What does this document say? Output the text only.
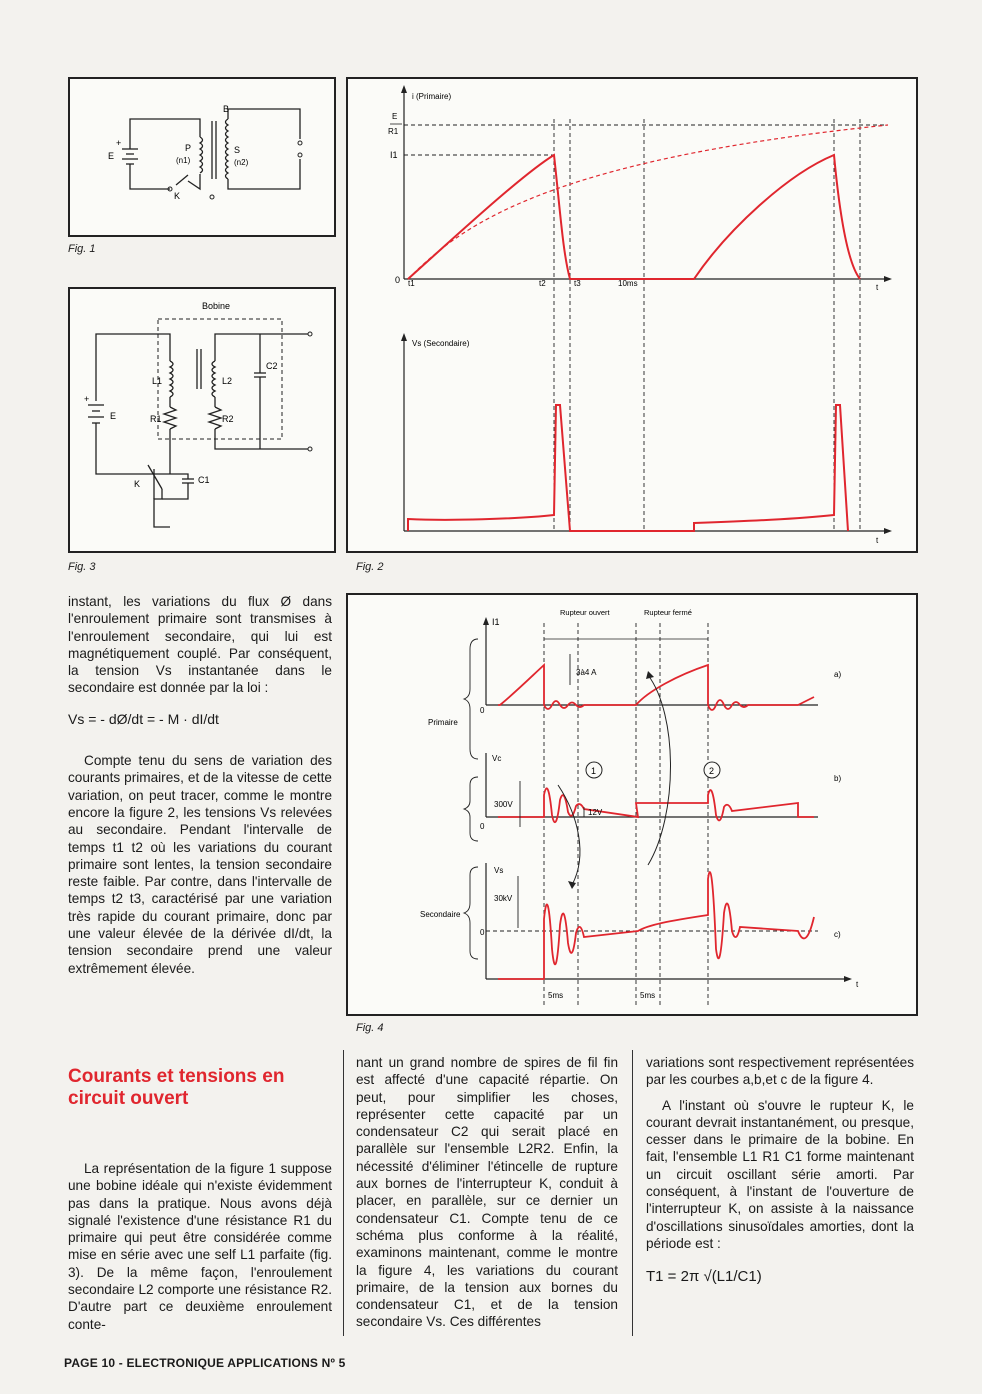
+
E
P
(n1)
S
(n2)
K
B
Fig. 1
Bobine
L1	L2
C2
R1	R2
+
E
K	C1
Fig. 3
i (Primaire)
E
R1
I1
0 t1	t2	t3	10ms	t
Vs (Secondaire)
t
Fig. 2
Rupteur ouvert	Rupteur fermé
I1
3à4 A
Primaire
0
Vc
300V
12V
0
Vs
30kV
Secondaire
0
1	2
a)
b)
c)
5ms	5ms
t
Fig. 4

instant, les variations du flux Ø dans l'enroulement primaire sont transmises à l'enroulement secondaire, qui lui est magnétiquement couplé. Par conséquent, la tension Vs instantanée dans le secondaire est donnée par la loi :

Vs = - dØ/dt = - M · dI/dt

Compte tenu du sens de variation des courants primaires, et de la vitesse de cette variation, on peut tracer, comme le montre encore la figure 2, les tensions Vs relevées au secondaire. Pendant l'intervalle de temps t1 t2 où les variations du courant primaire sont lentes, la tension secondaire reste faible. Par contre, dans l'intervalle de temps t2 t3, caractérisé par une variation très rapide du courant primaire, donc par une valeur élevée de la dérivée dI/dt, la tension secondaire prend une valeur extrêmement élevée.

Courants et tensions en circuit ouvert

La représentation de la figure 1 suppose une bobine idéale qui n'existe évidemment pas dans la pratique. Nous avons déjà signalé l'existence d'une résistance R1 du primaire qui peut être considérée comme mise en série avec une self L1 parfaite (fig. 3). De la même façon, l'enroulement secondaire L2 comporte une résistance R2. D'autre part ce deuxième enroulement conte-

nant un grand nombre de spires de fil fin est affecté d'une capacité répartie. On peut, pour simplifier les choses, représenter cette capacité par un condensateur C2 qui serait placé en parallèle sur l'ensemble L2R2. Enfin, la nécessité d'éliminer l'étincelle de rupture aux bornes de l'interrupteur K, conduit à placer, en parallèle, sur ce dernier un condensateur C1. Compte tenu de ce schéma plus conforme à la réalité, examinons maintenant, comme le montre la figure 4, les variations du courant primaire, de la tension aux bornes du condensateur C1, et de la tension secondaire Vs. Ces différentes

variations sont respectivement représentées par les courbes a,b,et c de la figure 4.

A l'instant où s'ouvre le rupteur K, le courant devrait instantanément, ou presque, cesser dans le primaire de la bobine. En fait, l'ensemble L1 R1 C1 forme maintenant un circuit oscillant série amorti. Par conséquent, à l'instant de l'ouverture de l'interrupteur K, on assiste à la naissance d'oscillations sinusoïdales amorties, dont la période est :

T1 = 2π √(L1/C1)

PAGE 10 - ELECTRONIQUE APPLICATIONS Nº 5
